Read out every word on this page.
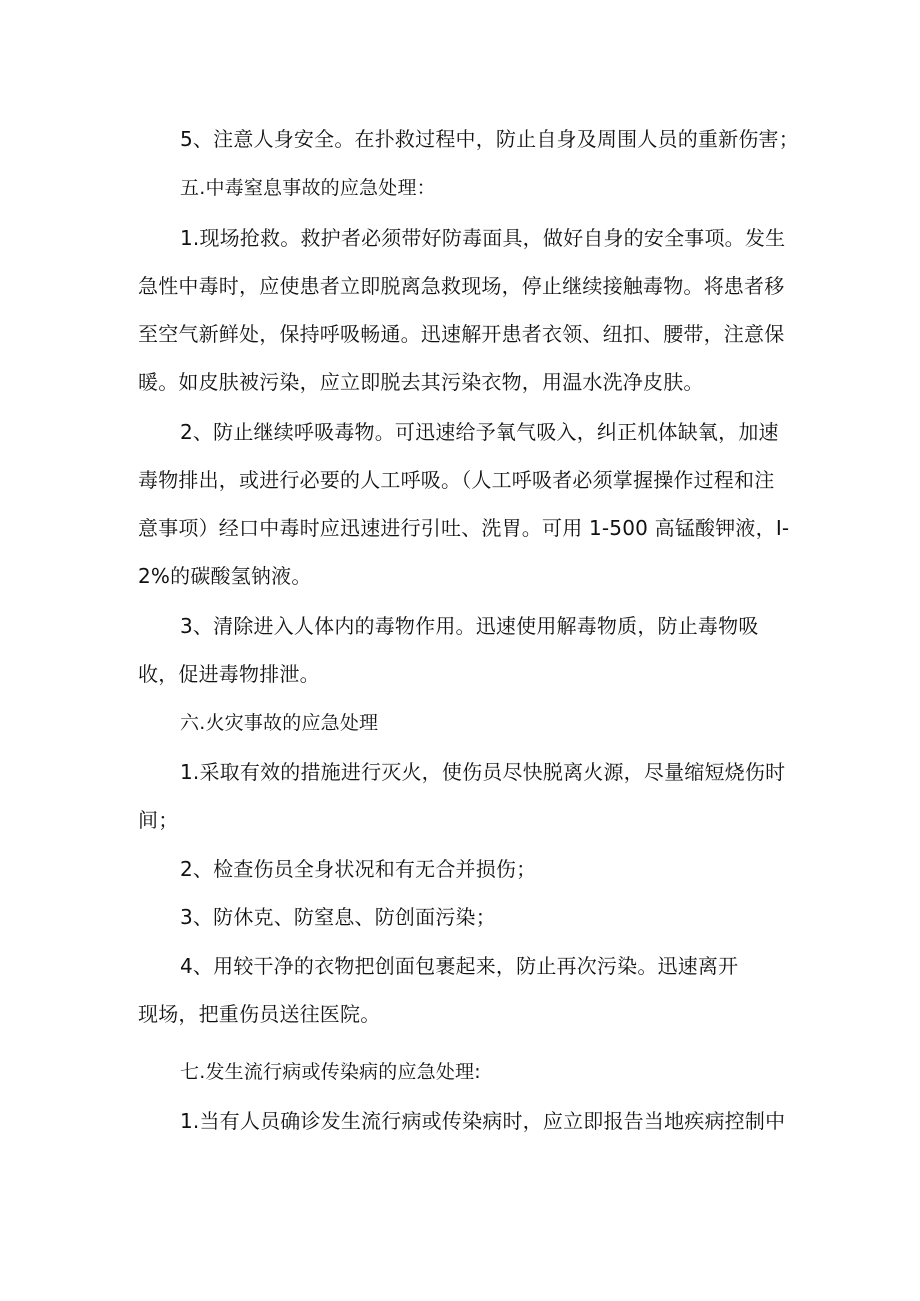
5、注意人身安全。在扑救过程中，防止自身及周围人员的重新伤害；
五.中毒窒息事故的应急处理：
1.现场抢救。救护者必须带好防毒面具，做好自身的安全事项。发生
急性中毒时，应使患者立即脱离急救现场，停止继续接触毒物。将患者移
至空气新鲜处，保持呼吸畅通。迅速解开患者衣领、纽扣、腰带，注意保
暖。如皮肤被污染，应立即脱去其污染衣物，用温水洗净皮肤。
2、防止继续呼吸毒物。可迅速给予氧气吸入，纠正机体缺氧，加速
毒物排出，或进行必要的人工呼吸。（人工呼吸者必须掌握操作过程和注
意事项）经口中毒时应迅速进行引吐、洗胃。可用 1-500 高锰酸钾液，I-
2%的碳酸氢钠液。
3、清除进入人体内的毒物作用。迅速使用解毒物质，防止毒物吸
收，促进毒物排泄。
六.火灾事故的应急处理
1.采取有效的措施进行灭火，使伤员尽快脱离火源，尽量缩短烧伤时
间；
2、检查伤员全身状况和有无合并损伤；
3、防休克、防窒息、防创面污染；
4、用较干净的衣物把创面包裹起来，防止再次污染。迅速离开
现场，把重伤员送往医院。
七.发生流行病或传染病的应急处理:
1.当有人员确诊发生流行病或传染病时，应立即报告当地疾病控制中
